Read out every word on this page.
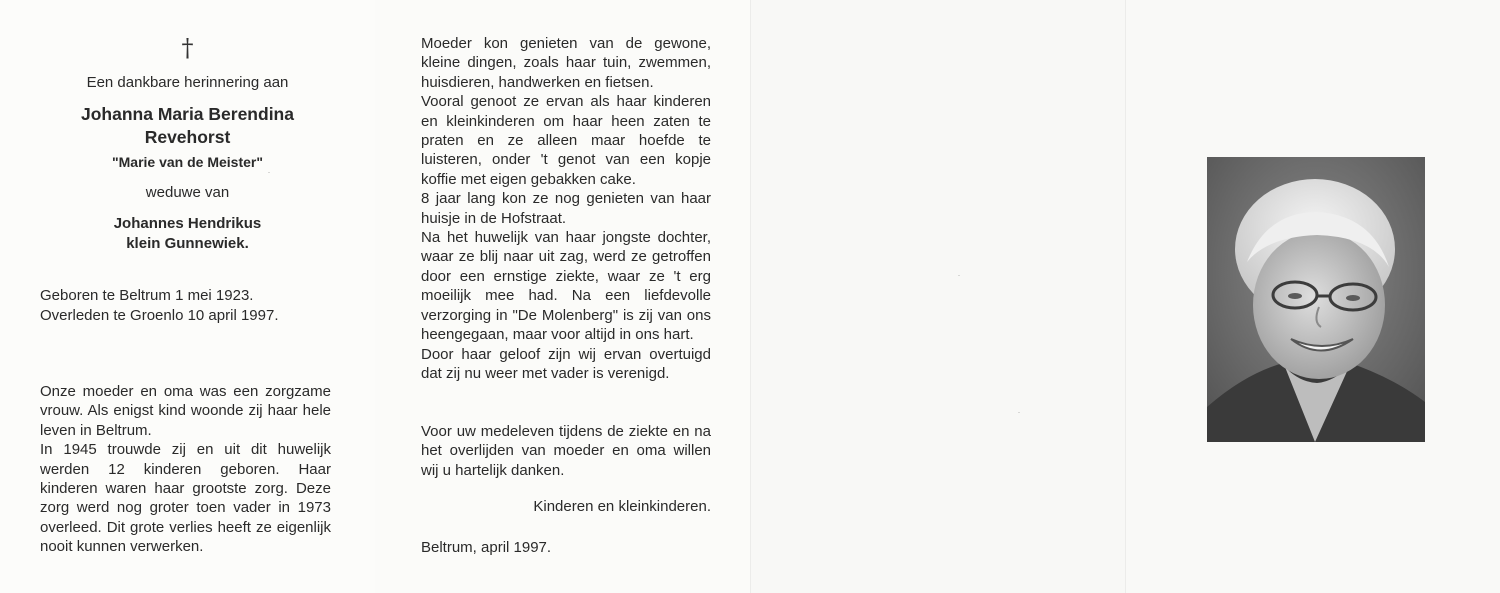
†
Een dankbare herinnering aan
Johanna Maria Berendina
Revehorst
"Marie van de Meister"
weduwe van
Johannes Hendrikus
klein Gunnewiek.
Geboren te Beltrum 1 mei 1923.
Overleden te Groenlo 10 april 1997.
Onze moeder en oma was een zorgzame vrouw. Als enigst kind woonde zij haar hele leven in Beltrum.
In 1945 trouwde zij en uit dit huwelijk werden 12 kinderen geboren. Haar kinderen waren haar grootste zorg. Deze zorg werd nog groter toen vader in 1973 overleed. Dit grote verlies heeft ze eigenlijk nooit kunnen verwerken.
Moeder kon genieten van de gewone, kleine dingen, zoals haar tuin, zwemmen, huisdieren, handwerken en fietsen.
Vooral genoot ze ervan als haar kinderen en kleinkinderen om haar heen zaten te praten en ze alleen maar hoefde te luisteren, onder 't genot van een kopje koffie met eigen gebakken cake.
8 jaar lang kon ze nog genieten van haar huisje in de Hofstraat.
Na het huwelijk van haar jongste dochter, waar ze blij naar uit zag, werd ze getroffen door een ernstige ziekte, waar ze 't erg moeilijk mee had. Na een liefdevolle verzorging in "De Molenberg" is zij van ons heengegaan, maar voor altijd in ons hart.
Door haar geloof zijn wij ervan overtuigd dat zij nu weer met vader is verenigd.
Voor uw medeleven tijdens de ziekte en na het overlijden van moeder en oma willen wij u hartelijk danken.
Kinderen en kleinkinderen.
Beltrum, april 1997.
